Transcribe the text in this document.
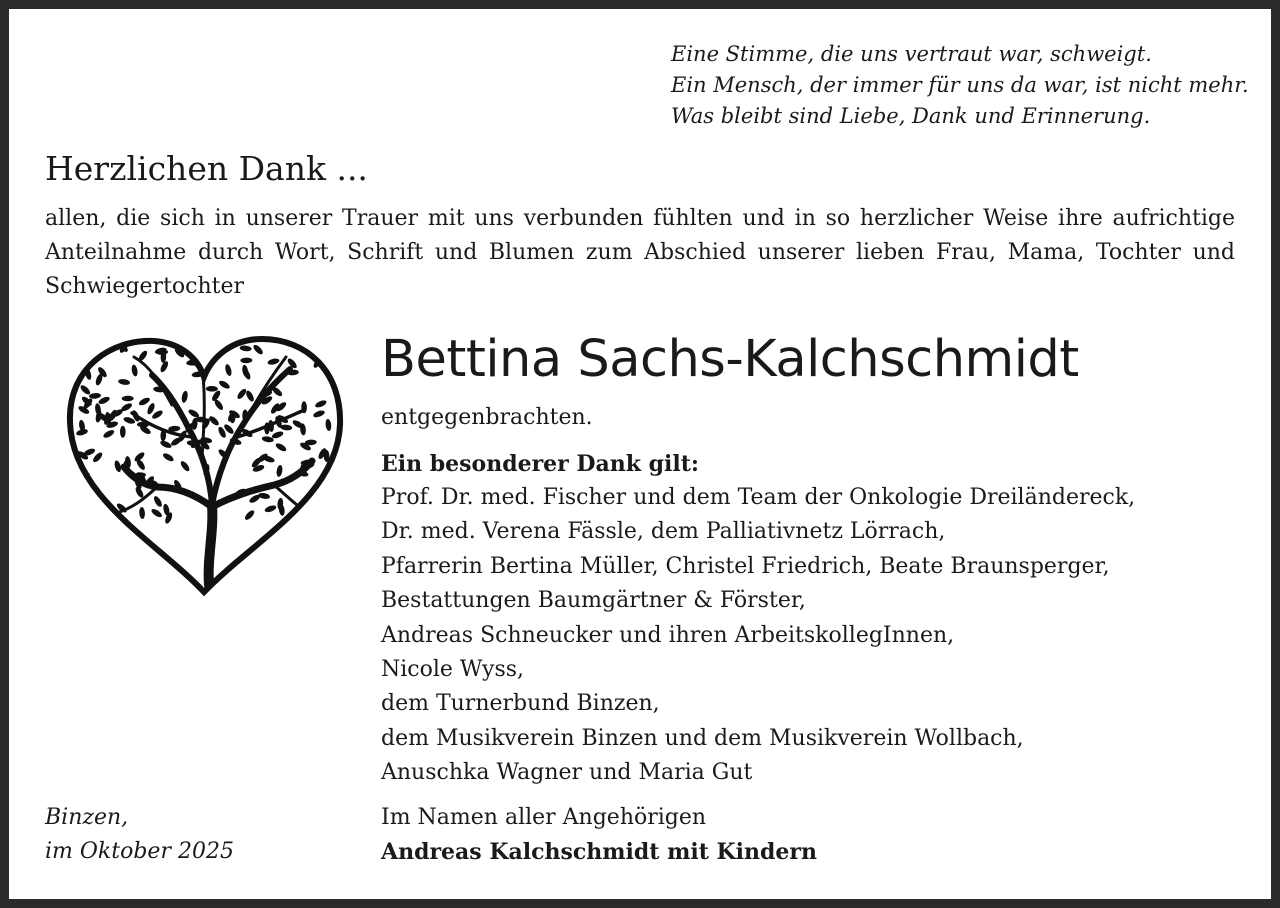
Eine Stimme, die uns vertraut war, schweigt.
Ein Mensch, der immer für uns da war, ist nicht mehr.
Was bleibt sind Liebe, Dank und Erinnerung.
Herzlichen Dank ...
allen, die sich in unserer Trauer mit uns verbunden fühlten und in so herzlicher Weise ihre aufrichtige Anteilnahme durch Wort, Schrift und Blumen zum Abschied unserer lieben Frau, Mama, Tochter und Schwiegertochter
Bettina Sachs-Kalchschmidt
entgegenbrachten.
Ein besonderer Dank gilt:
Prof. Dr. med. Fischer und dem Team der Onkologie Dreiländereck,
Dr. med. Verena Fässle, dem Palliativnetz Lörrach,
Pfarrerin Bertina Müller, Christel Friedrich, Beate Braunsperger,
Bestattungen Baumgärtner & Förster,
Andreas Schneucker und ihren ArbeitskollegInnen,
Nicole Wyss,
dem Turnerbund Binzen,
dem Musikverein Binzen und dem Musikverein Wollbach,
Anuschka Wagner und Maria Gut
Binzen,
im Oktober 2025
Im Namen aller Angehörigen
Andreas Kalchschmidt mit Kindern
